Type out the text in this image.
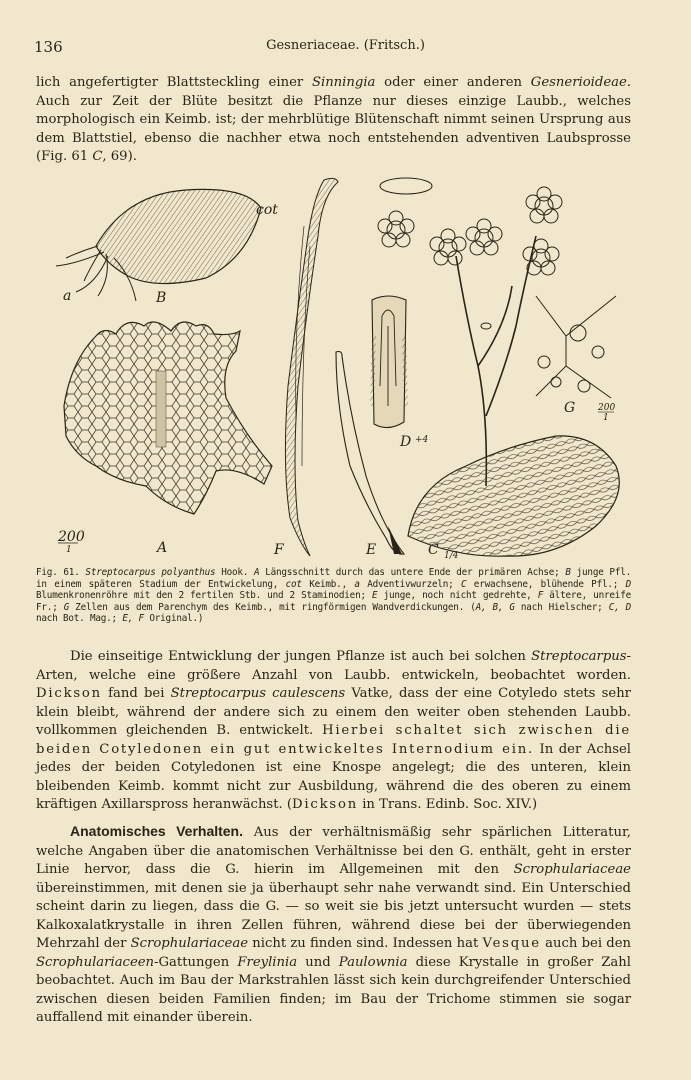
136	Gesneriaceae. (Fritsch.)
lich angefertigter Blattsteckling einer Sinningia oder einer anderen Gesnerioideae. Auch zur Zeit der Blüte besitzt die Pflanze nur dieses einzige Laubb., welches morphologisch ein Keimb. ist; der mehrblütige Blütenschaft nimmt seinen Ursprung aus dem Blattstiel, ebenso die nachher etwa noch entstehenden adventiven Laubsprosse (Fig. 61 C, 69).
cot
a	B
200
1	A	F	E
D +4
C 1/4
G	200
1
Fig. 61. Streptocarpus polyanthus Hook. A Längsschnitt durch das untere Ende der primären Achse; B junge Pfl. in einem späteren Stadium der Entwickelung, cot Keimb., a Adventivwurzeln; C erwachsene, blühende Pfl.; D Blumenkronenröhre mit den 2 fertilen Stb. und 2 Staminodien; E junge, noch nicht gedrehte, F ältere, unreife Fr.; G Zellen aus dem Parenchym des Keimb., mit ringförmigen Wandverdickungen. (A, B, G nach Hielscher; C, D nach Bot. Mag.; E, F Original.)
Die einseitige Entwicklung der jungen Pflanze ist auch bei solchen Streptocarpus-Arten, welche eine größere Anzahl von Laubb. entwickeln, beobachtet worden. Dickson fand bei Streptocarpus caulescens Vatke, dass der eine Cotyledo stets sehr klein bleibt, während der andere sich zu einem den weiter oben stehenden Laubb. vollkommen gleichenden B. entwickelt. Hierbei schaltet sich zwischen die beiden Cotyledonen ein gut entwickeltes Internodium ein. In der Achsel jedes der beiden Cotyledonen ist eine Knospe angelegt; die des unteren, klein bleibenden Keimb. kommt nicht zur Ausbildung, während die des oberen zu einem kräftigen Axillarspross heranwächst. (Dickson in Trans. Edinb. Soc. XIV.)
Anatomisches Verhalten. Aus der verhältnismäßig sehr spärlichen Litteratur, welche Angaben über die anatomischen Verhältnisse bei den G. enthält, geht in erster Linie hervor, dass die G. hierin im Allgemeinen mit den Scrophulariaceae übereinstimmen, mit denen sie ja überhaupt sehr nahe verwandt sind. Ein Unterschied scheint darin zu liegen, dass die G. — so weit sie bis jetzt untersucht wurden — stets Kalkoxalatkrystalle in ihren Zellen führen, während diese bei der überwiegenden Mehrzahl der Scrophulariaceae nicht zu finden sind. Indessen hat Vesque auch bei den Scrophulariaceen-Gattungen Freylinia und Paulownia diese Krystalle in großer Zahl beobachtet. Auch im Bau der Markstrahlen lässt sich kein durchgreifender Unterschied zwischen diesen beiden Familien finden; im Bau der Trichome stimmen sie sogar auffallend mit einander überein.
